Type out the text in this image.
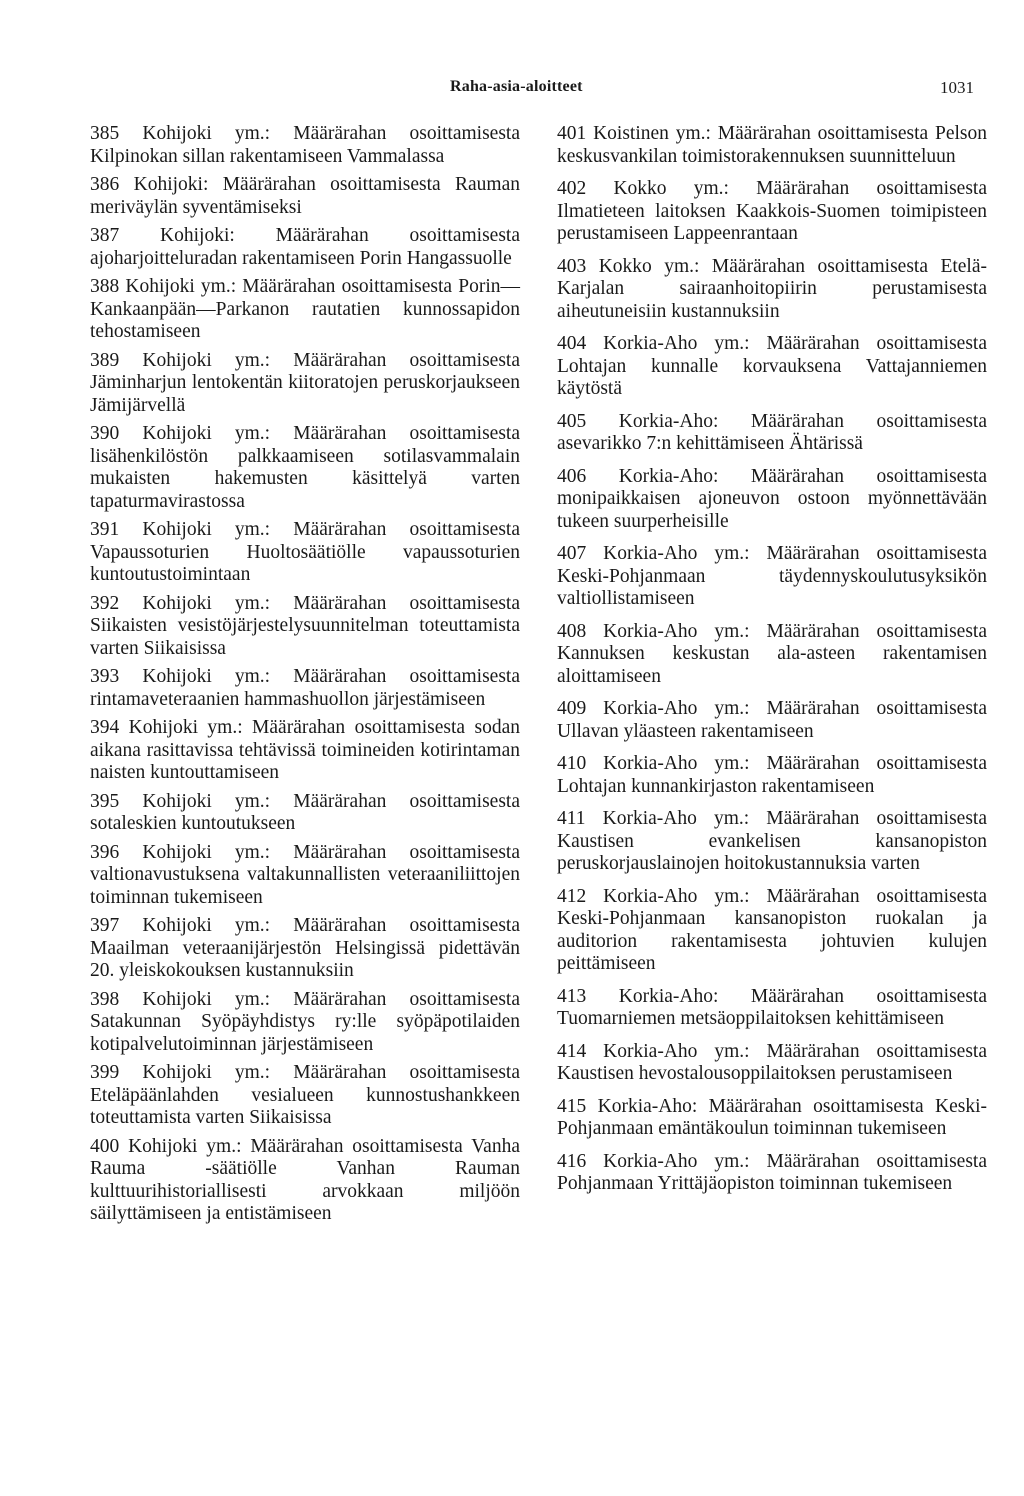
Raha-asia-aloitteet	1031

385 Kohijoki ym.: Määrärahan osoittamisesta Kilpinokan sillan rakentamiseen Vammalassa

386 Kohijoki: Määrärahan osoittamisesta Rauman meriväylän syventämiseksi

387 Kohijoki: Määrärahan osoittamisesta ajoharjoitteluradan rakentamiseen Porin Hangassuolle

388 Kohijoki ym.: Määrärahan osoittamisesta Porin—Kankaanpään—Parkanon rautatien kunnossapidon tehostamiseen

389 Kohijoki ym.: Määrärahan osoittamisesta Jäminharjun lentokentän kiitoratojen peruskorjaukseen Jämijärvellä

390 Kohijoki ym.: Määrärahan osoittamisesta lisähenkilöstön palkkaamiseen sotilasvammalain mukaisten hakemusten käsittelyä varten tapaturmavirastossa

391 Kohijoki ym.: Määrärahan osoittamisesta Vapaussoturien Huoltosäätiölle vapaussoturien kuntoutustoimintaan

392 Kohijoki ym.: Määrärahan osoittamisesta Siikaisten vesistöjärjestelysuunnitelman toteuttamista varten Siikaisissa

393 Kohijoki ym.: Määrärahan osoittamisesta rintamaveteraanien hammashuollon järjestämiseen

394 Kohijoki ym.: Määrärahan osoittamisesta sodan aikana rasittavissa tehtävissä toimineiden kotirintaman naisten kuntouttamiseen

395 Kohijoki ym.: Määrärahan osoittamisesta sotaleskien kuntoutukseen

396 Kohijoki ym.: Määrärahan osoittamisesta valtionavustuksena valtakunnallisten veteraaniliittojen toiminnan tukemiseen

397 Kohijoki ym.: Määrärahan osoittamisesta Maailman veteraanijärjestön Helsingissä pidettävän 20. yleiskokouksen kustannuksiin

398 Kohijoki ym.: Määrärahan osoittamisesta Satakunnan Syöpäyhdistys ry:lle syöpäpotilaiden kotipalvelutoiminnan järjestämiseen

399 Kohijoki ym.: Määrärahan osoittamisesta Eteläpäänlahden vesialueen kunnostushankkeen toteuttamista varten Siikaisissa

400 Kohijoki ym.: Määrärahan osoittamisesta Vanha Rauma -säätiölle Vanhan Rauman kulttuurihistoriallisesti arvokkaan miljöön säilyttämiseen ja entistämiseen

401 Koistinen ym.: Määrärahan osoittamisesta Pelson keskusvankilan toimistorakennuksen suunnitteluun

402 Kokko ym.: Määrärahan osoittamisesta Ilmatieteen laitoksen Kaakkois-Suomen toimipisteen perustamiseen Lappeenrantaan

403 Kokko ym.: Määrärahan osoittamisesta Etelä-Karjalan sairaanhoitopiirin perustamisesta aiheutuneisiin kustannuksiin

404 Korkia-Aho ym.: Määrärahan osoittamisesta Lohtajan kunnalle korvauksena Vattajanniemen käytöstä

405 Korkia-Aho: Määrärahan osoittamisesta asevarikko 7:n kehittämiseen Ähtärissä

406 Korkia-Aho: Määrärahan osoittamisesta monipaikkaisen ajoneuvon ostoon myönnettävään tukeen suurperheisille

407 Korkia-Aho ym.: Määrärahan osoittamisesta Keski-Pohjanmaan täydennyskoulutusyksikön valtiollistamiseen

408 Korkia-Aho ym.: Määrärahan osoittamisesta Kannuksen keskustan ala-asteen rakentamisen aloittamiseen

409 Korkia-Aho ym.: Määrärahan osoittamisesta Ullavan yläasteen rakentamiseen

410 Korkia-Aho ym.: Määrärahan osoittamisesta Lohtajan kunnankirjaston rakentamiseen

411 Korkia-Aho ym.: Määrärahan osoittamisesta Kaustisen evankelisen kansanopiston peruskorjauslainojen hoitokustannuksia varten

412 Korkia-Aho ym.: Määrärahan osoittamisesta Keski-Pohjanmaan kansanopiston ruokalan ja auditorion rakentamisesta johtuvien kulujen peittämiseen

413 Korkia-Aho: Määrärahan osoittamisesta Tuomarniemen metsäoppilaitoksen kehittämiseen

414 Korkia-Aho ym.: Määrärahan osoittamisesta Kaustisen hevostalousoppilaitoksen perustamiseen

415 Korkia-Aho: Määrärahan osoittamisesta Keski-Pohjanmaan emäntäkoulun toiminnan tukemiseen

416 Korkia-Aho ym.: Määrärahan osoittamisesta Pohjanmaan Yrittäjäopiston toiminnan tukemiseen
